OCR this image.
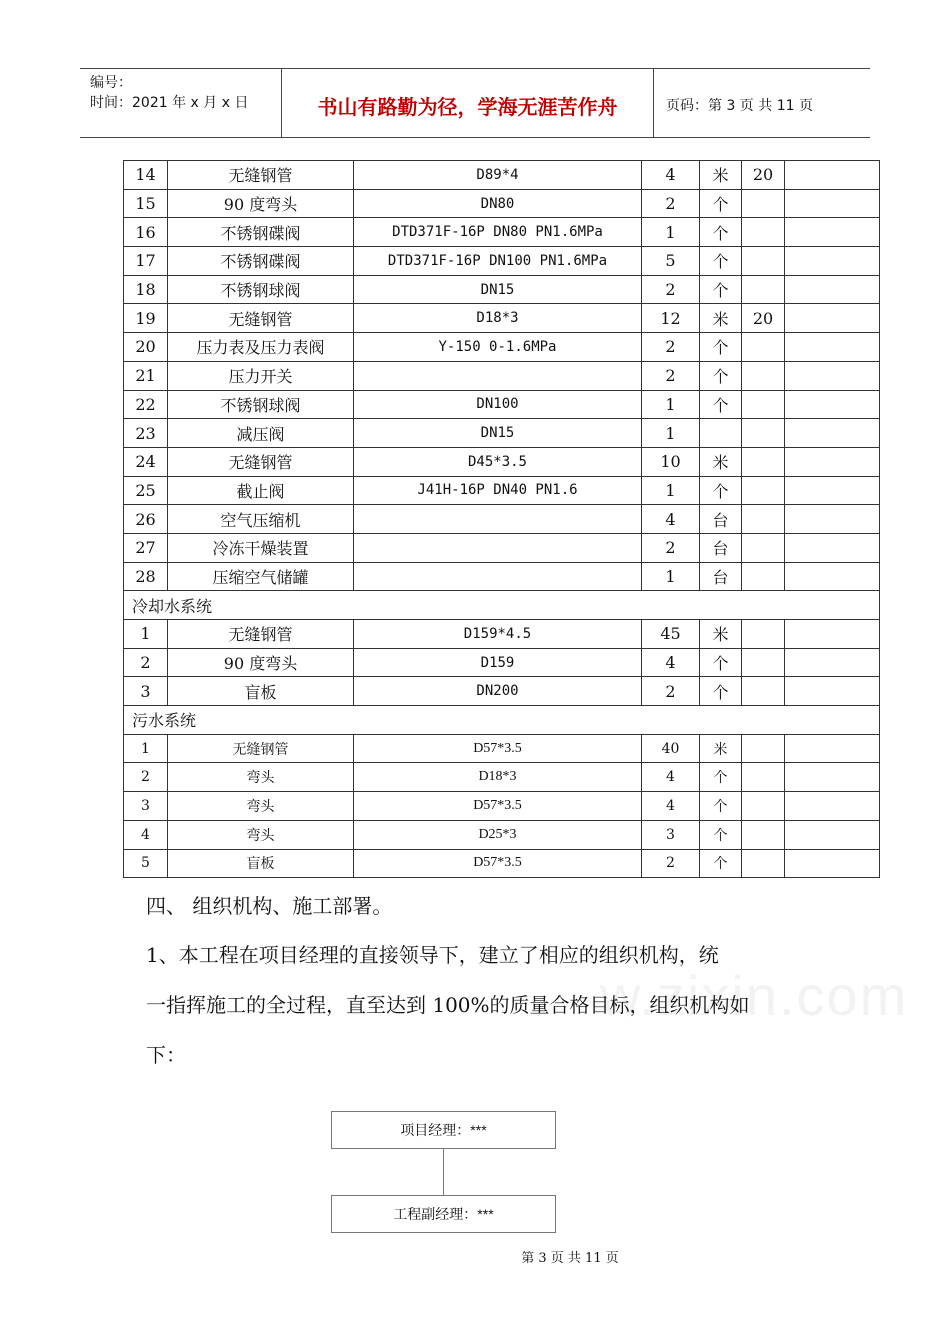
编号：
时间：2021 年 x 月 x 日	书山有路勤为径，学海无涯苦作舟	页码：第 3 页 共 11 页
14	无缝钢管	D89*4	4	米	20	
15	90 度弯头	DN80	2	个		
16	不锈钢碟阀	DTD371F-16P DN80 PN1.6MPa	1	个		
17	不锈钢碟阀	DTD371F-16P DN100 PN1.6MPa	5	个		
18	不锈钢球阀	DN15	2	个		
19	无缝钢管	D18*3	12	米	20	
20	压力表及压力表阀	Y-150 0-1.6MPa	2	个		
21	压力开关		2	个		
22	不锈钢球阀	DN100	1	个		
23	减压阀	DN15	1			
24	无缝钢管	D45*3.5	10	米		
25	截止阀	J41H-16P DN40 PN1.6	1	个		
26	空气压缩机		4	台		
27	冷冻干燥装置		2	台		
28	压缩空气储罐		1	台		
冷却水系统						
1	无缝钢管	D159*4.5	45	米		
2	90 度弯头	D159	4	个		
3	盲板	DN200	2	个		
污水系统						
1	无缝钢管	D57*3.5	40	米		
2	弯头	D18*3	4	个		
3	弯头	D57*3.5	4	个		
4	弯头	D25*3	3	个		
5	盲板	D57*3.5	2	个		
w.zixin.com
四、 组织机构、施工部署。
1、本工程在项目经理的直接领导下，建立了相应的组织机构，统
一指挥施工的全过程，直至达到 100%的质量合格目标，组织机构如
下：
项目经理：***
工程副经理：***
第 3 页 共 11 页
